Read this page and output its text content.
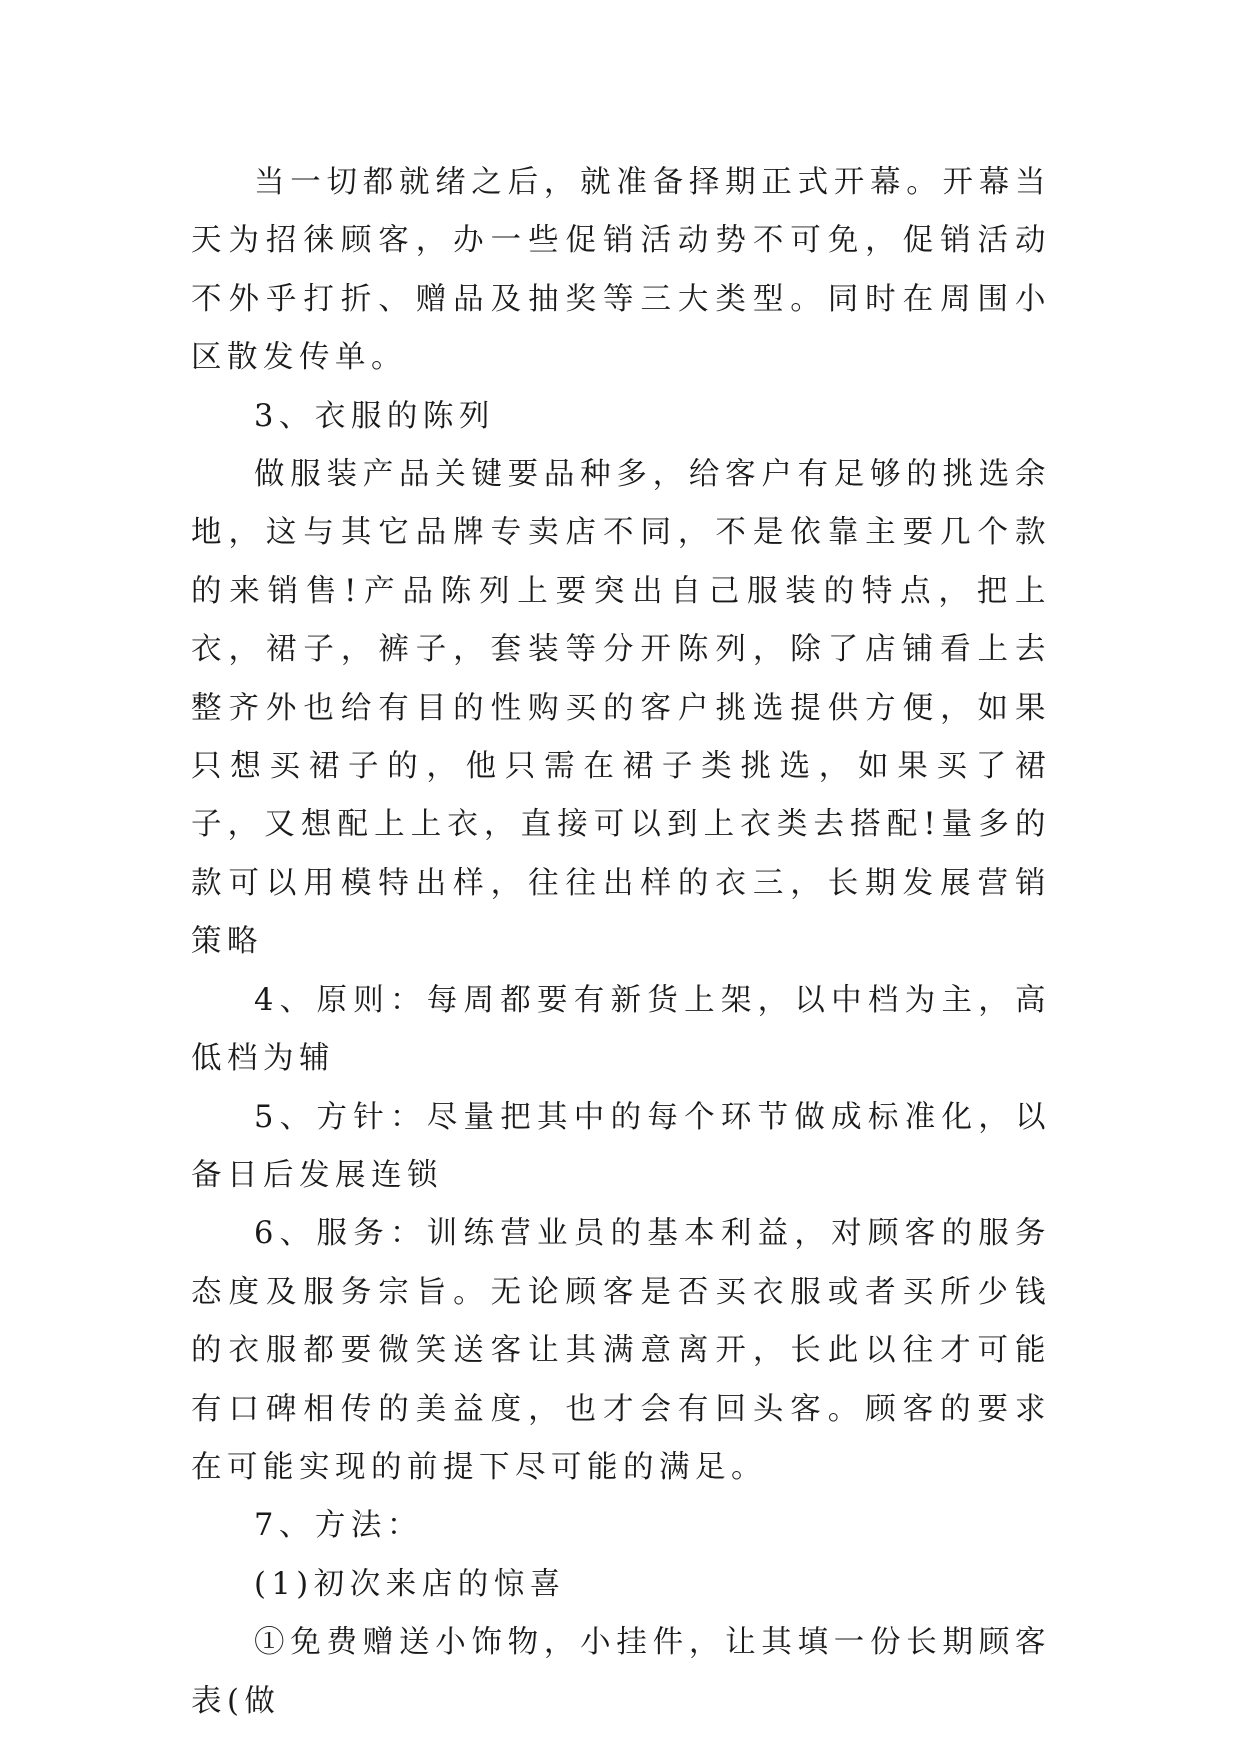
当一切都就绪之后，就准备择期正式开幕。开幕当天为招徕顾客，办一些促销活动势不可免，促销活动不外乎打折、赠品及抽奖等三大类型。同时在周围小区散发传单。

3、衣服的陈列

做服装产品关键要品种多，给客户有足够的挑选余地，这与其它品牌专卖店不同，不是依靠主要几个款的来销售!产品陈列上要突出自己服装的特点，把上衣，裙子，裤子，套装等分开陈列，除了店铺看上去整齐外也给有目的性购买的客户挑选提供方便，如果只想买裙子的，他只需在裙子类挑选，如果买了裙子，又想配上上衣，直接可以到上衣类去搭配!量多的款可以用模特出样，往往出样的衣三，长期发展营销策略

4、原则：每周都要有新货上架，以中档为主，高低档为辅

5、方针：尽量把其中的每个环节做成标准化，以备日后发展连锁

6、服务：训练营业员的基本利益，对顾客的服务态度及服务宗旨。无论顾客是否买衣服或者买所少钱的衣服都要微笑送客让其满意离开，长此以往才可能有口碑相传的美益度，也才会有回头客。顾客的要求在可能实现的前提下尽可能的满足。

7、方法：

(1)初次来店的惊喜

①免费赠送小饰物，小挂件，让其填一份长期顾客表(做
